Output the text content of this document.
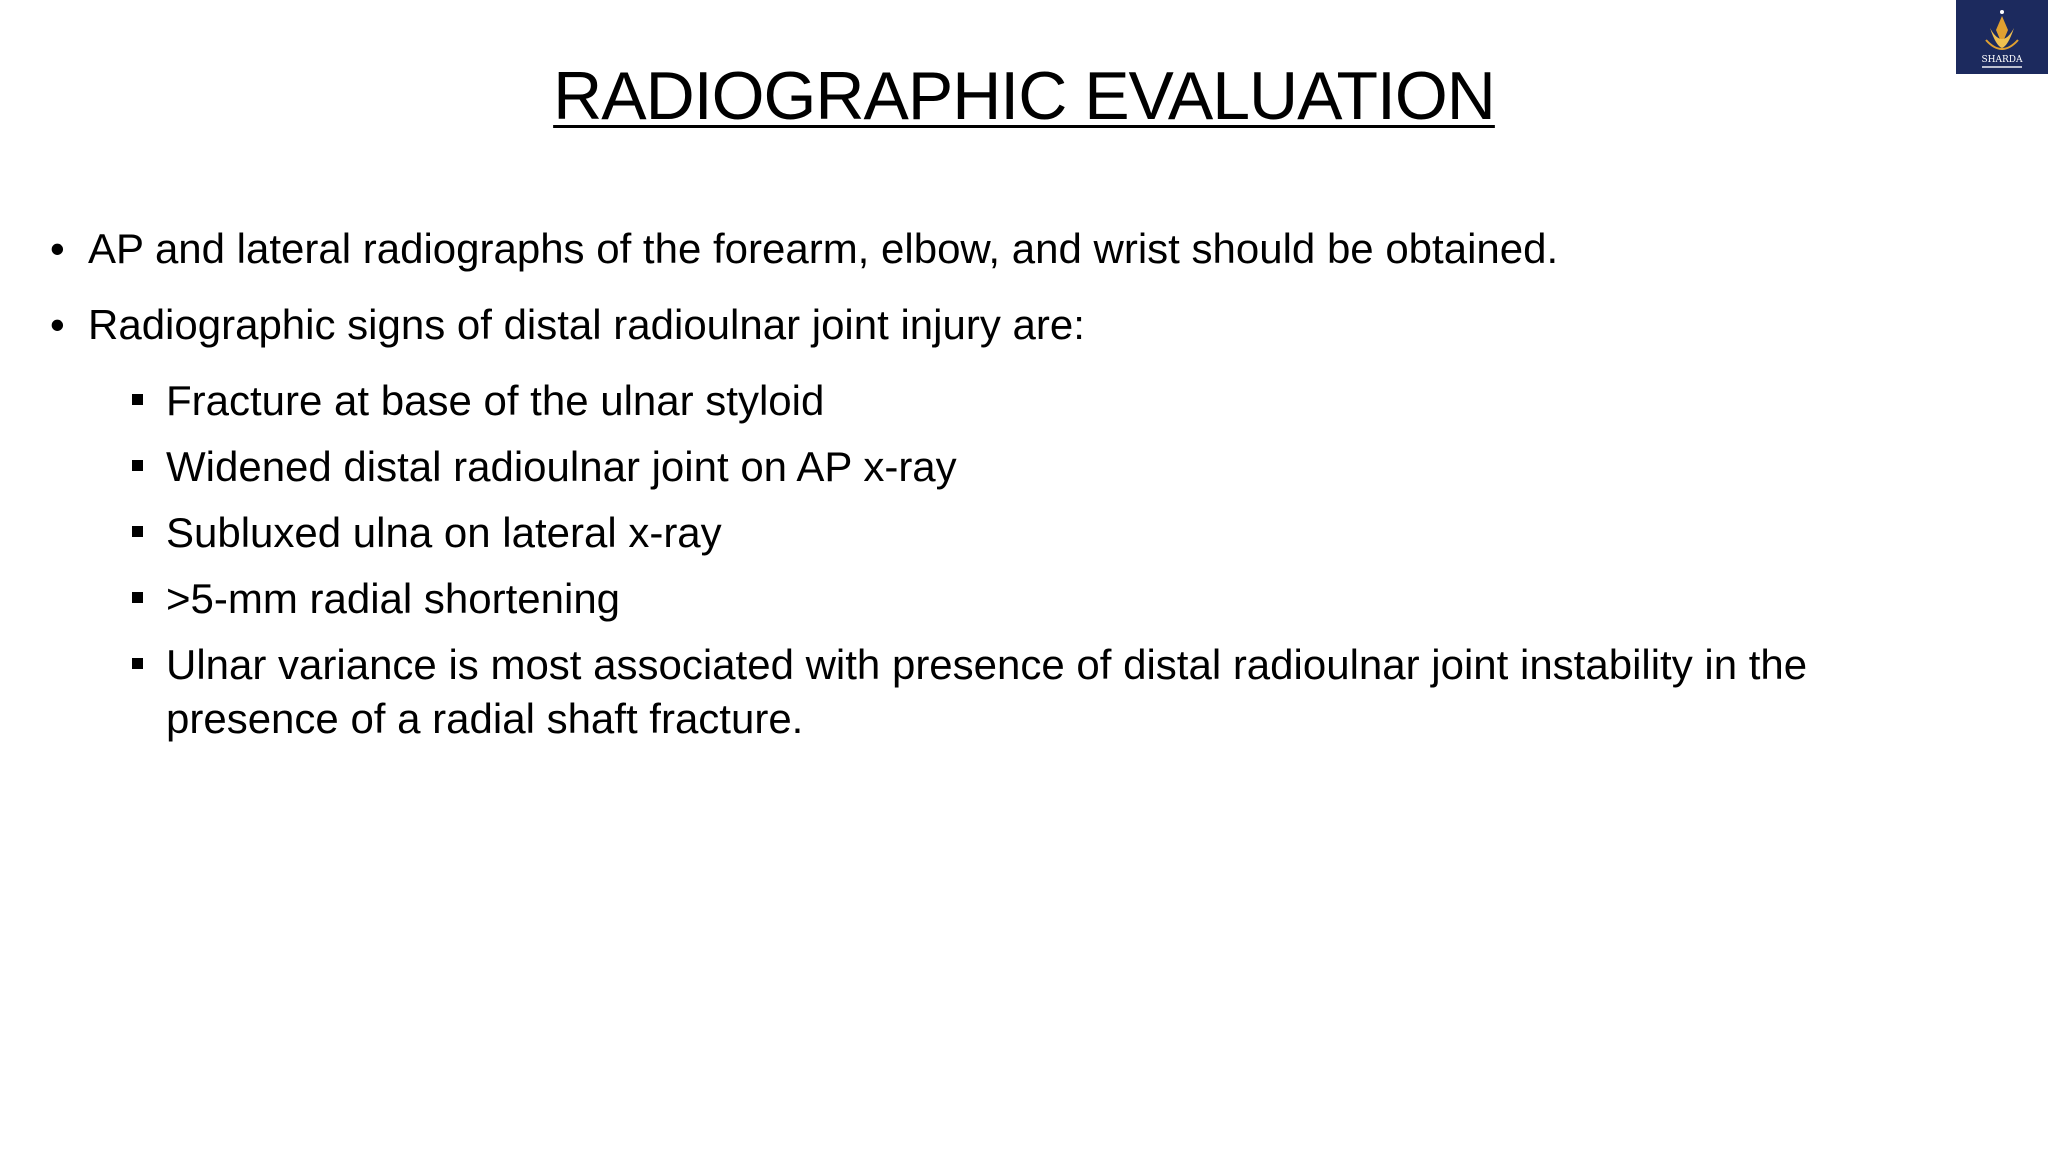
RADIOGRAPHIC EVALUATION	SHARDA
• AP and lateral radiographs of the forearm, elbow, and wrist should be obtained.
• Radiographic signs of distal radioulnar joint injury are:
Fracture at base of the ulnar styloid
Widened distal radioulnar joint on AP x-ray
Subluxed ulna on lateral x-ray
>5-mm radial shortening
Ulnar variance is most associated with presence of distal radioulnar joint instability in the presence of a radial shaft fracture.
